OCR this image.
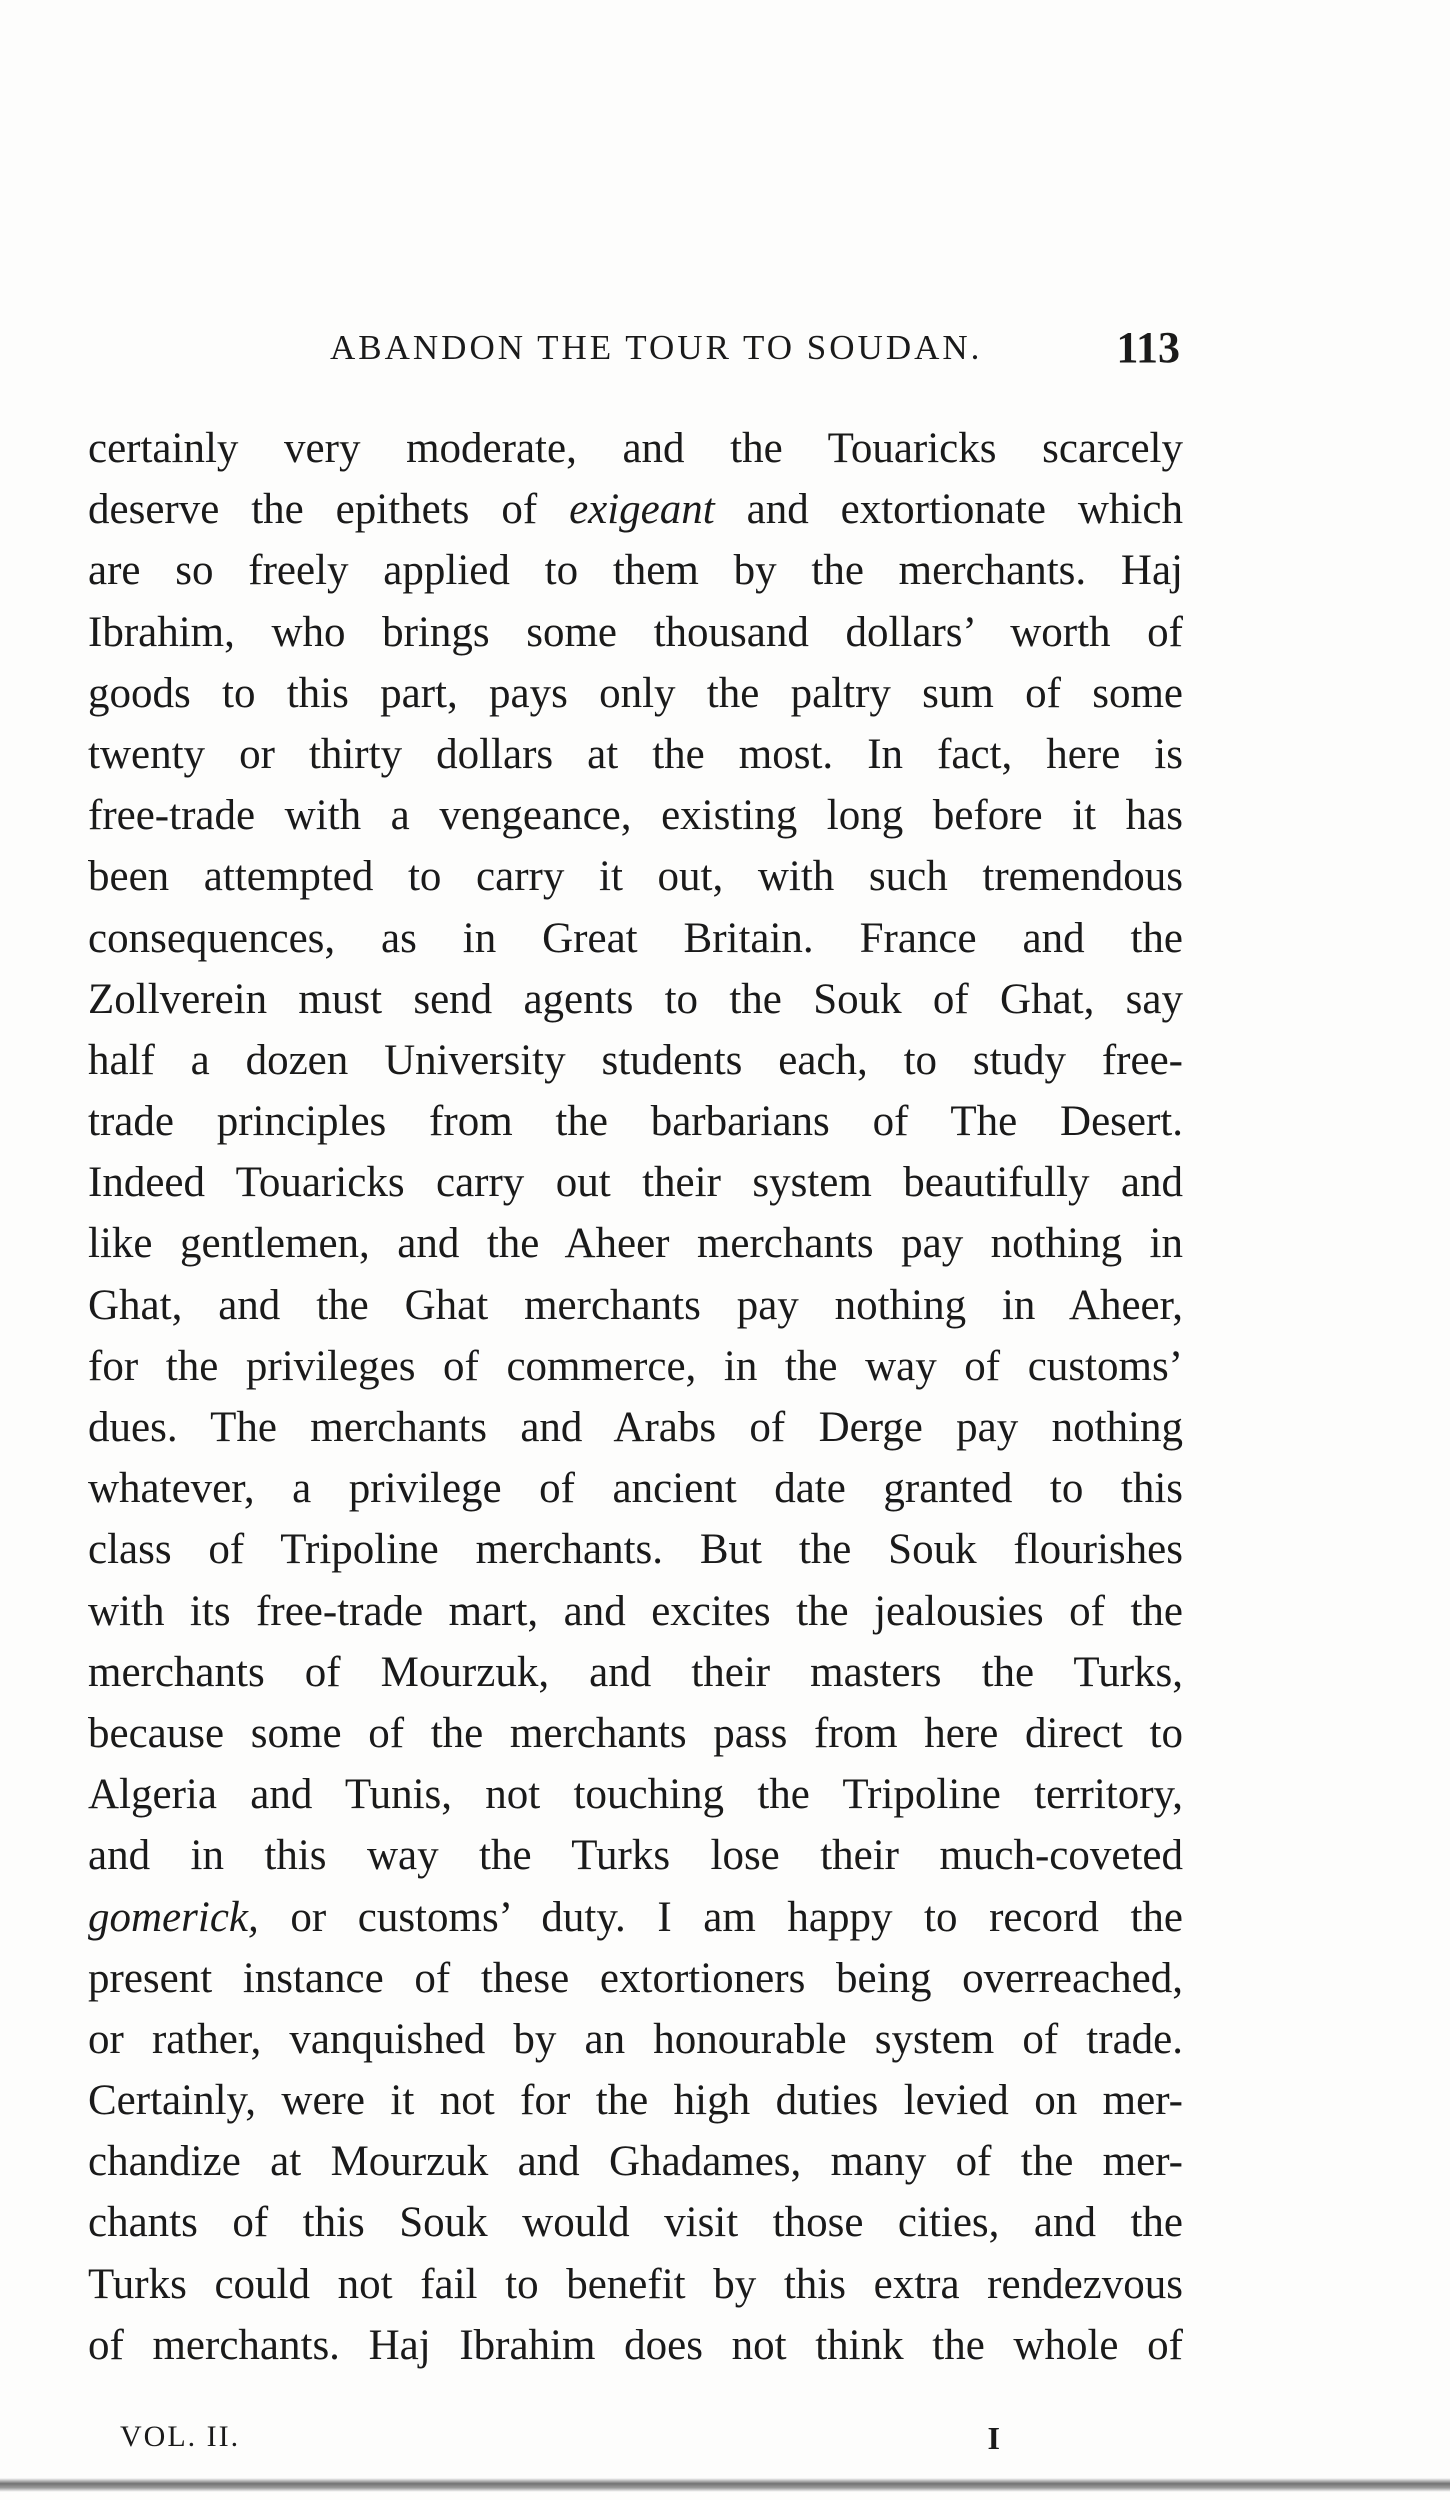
ABANDON THE TOUR TO SOUDAN.	113
certainly very moderate, and the Touaricks scarcely
deserve the epithets of exigeant and extortionate which
are so freely applied to them by the merchants. Haj
Ibrahim, who brings some thousand dollars’ worth of
goods to this part, pays only the paltry sum of some
twenty or thirty dollars at the most. In fact, here is
free-trade with a vengeance, existing long before it has
been attempted to carry it out, with such tremendous
consequences, as in Great Britain. France and the
Zollverein must send agents to the Souk of Ghat, say
half a dozen University students each, to study free-
trade principles from the barbarians of The Desert.
Indeed Touaricks carry out their system beautifully and
like gentlemen, and the Aheer merchants pay nothing in
Ghat, and the Ghat merchants pay nothing in Aheer,
for the privileges of commerce, in the way of customs’
dues. The merchants and Arabs of Derge pay nothing
whatever, a privilege of ancient date granted to this
class of Tripoline merchants. But the Souk flourishes
with its free-trade mart, and excites the jealousies of the
merchants of Mourzuk, and their masters the Turks,
because some of the merchants pass from here direct to
Algeria and Tunis, not touching the Tripoline territory,
and in this way the Turks lose their much-coveted
gomerick, or customs’ duty. I am happy to record the
present instance of these extortioners being overreached,
or rather, vanquished by an honourable system of trade.
Certainly, were it not for the high duties levied on mer-
chandize at Mourzuk and Ghadames, many of the mer-
chants of this Souk would visit those cities, and the
Turks could not fail to benefit by this extra rendezvous
of merchants. Haj Ibrahim does not think the whole of
VOL. II.	I
